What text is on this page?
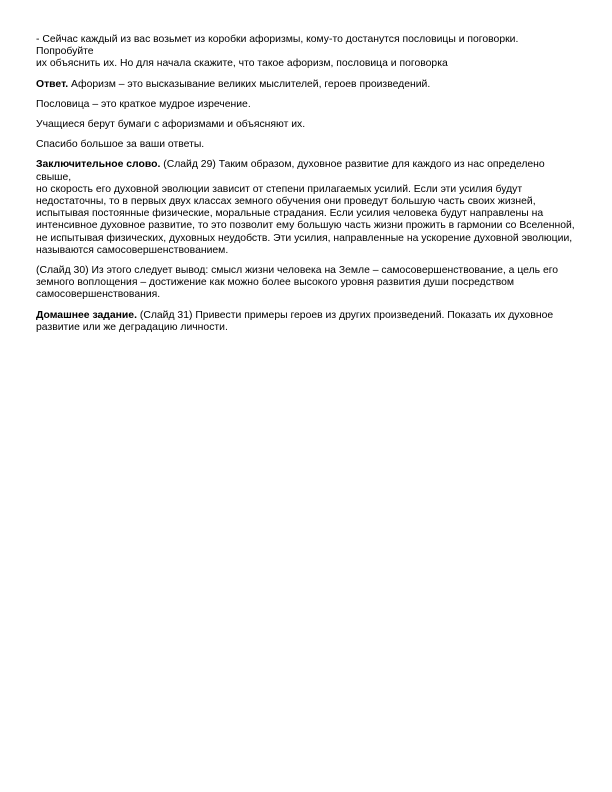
- Сейчас каждый из вас возьмет из коробки афоризмы, кому-то достанутся пословицы и поговорки. Попробуйте
их объяснить их. Но для начала скажите, что такое афоризм, пословица и поговорка

Ответ. Афоризм – это высказывание великих мыслителей, героев произведений.

Пословица – это краткое мудрое изречение.

Учащиеся берут бумаги с афоризмами и объясняют их.

Спасибо большое за ваши ответы.

Заключительное слово. (Слайд 29) Таким образом, духовное развитие для каждого из нас определено свыше,
но скорость его духовной эволюции зависит от степени прилагаемых усилий. Если эти усилия будут
недостаточны, то в первых двух классах земного обучения они проведут большую часть своих жизней,
испытывая постоянные физические, моральные страдания. Если усилия человека будут направлены на
интенсивное духовное развитие, то это позволит ему большую часть жизни прожить в гармонии со Вселенной,
не испытывая физических, духовных неудобств. Эти усилия, направленные на ускорение духовной эволюции,
называются самосовершенствованием.

(Слайд 30) Из этого следует вывод: смысл жизни человека на Земле – самосовершенствование, а цель его
земного воплощения – достижение как можно более высокого уровня развития души посредством
самосовершенствования.

Домашнее задание. (Слайд 31) Привести примеры героев из других произведений. Показать их духовное
развитие или же деградацию личности.
